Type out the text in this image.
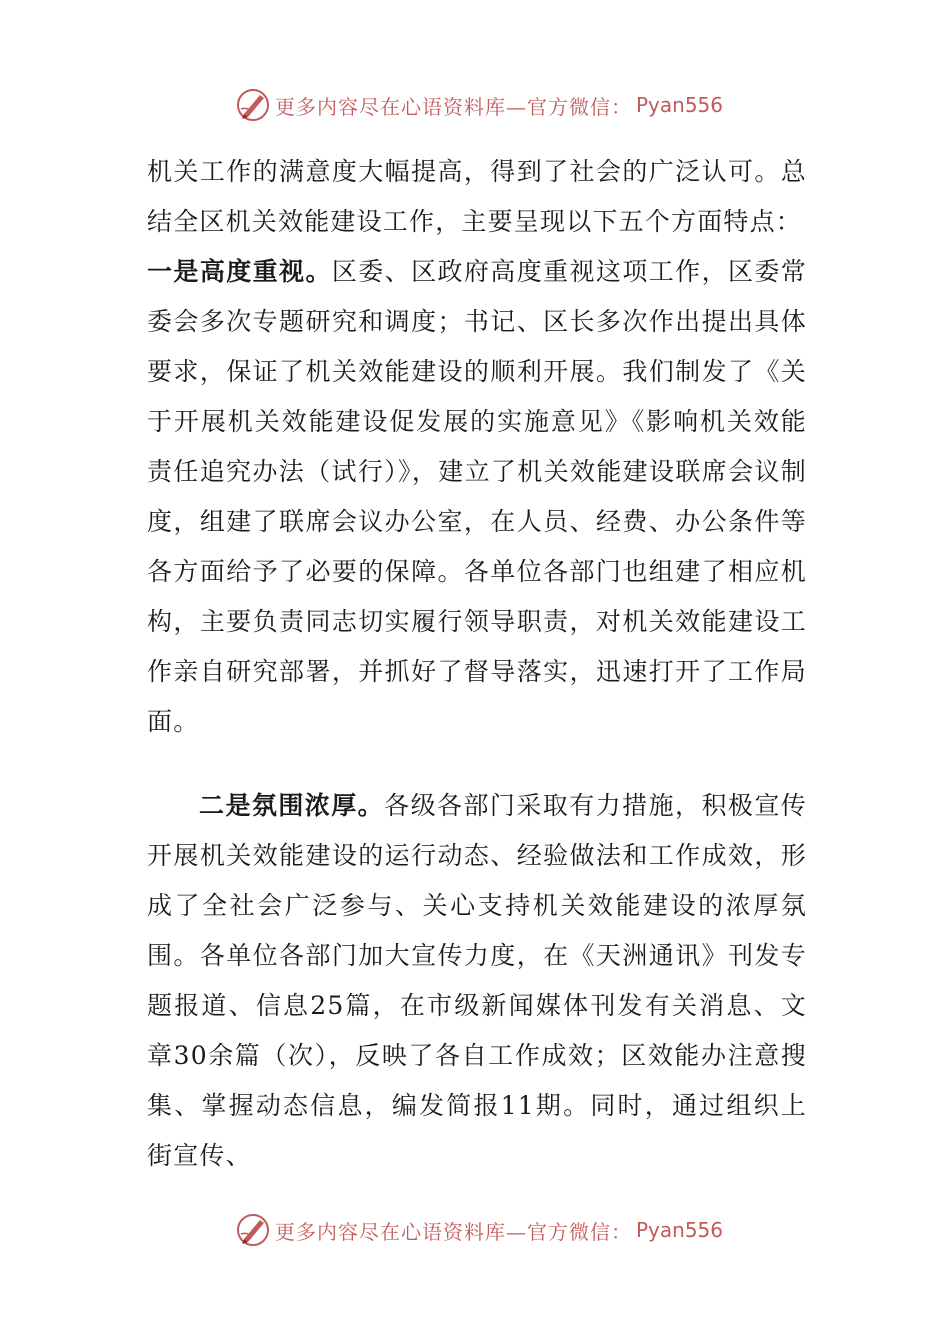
更多内容尽在心语资料库—官方微信： Pyan556

机关工作的满意度大幅提高，得到了社会的广泛认可。总结全区机关效能建设工作，主要呈现以下五个方面特点：

一是高度重视。区委、区政府高度重视这项工作，区委常委会多次专题研究和调度；书记、区长多次作出提出具体要求，保证了机关效能建设的顺利开展。我们制发了《关于开展机关效能建设促发展的实施意见》《影响机关效能责任追究办法（试行）》，建立了机关效能建设联席会议制度，组建了联席会议办公室，在人员、经费、办公条件等各方面给予了必要的保障。各单位各部门也组建了相应机构，主要负责同志切实履行领导职责，对机关效能建设工作亲自研究部署，并抓好了督导落实，迅速打开了工作局面。

二是氛围浓厚。各级各部门采取有力措施，积极宣传开展机关效能建设的运行动态、经验做法和工作成效，形成了全社会广泛参与、关心支持机关效能建设的浓厚氛围。各单位各部门加大宣传力度，在《天洲通讯》刊发专题报道、信息25篇，在市级新闻媒体刊发有关消息、文章30余篇（次），反映了各自工作成效；区效能办注意搜集、掌握动态信息，编发简报11期。同时，通过组织上街宣传、

更多内容尽在心语资料库—官方微信： Pyan556
